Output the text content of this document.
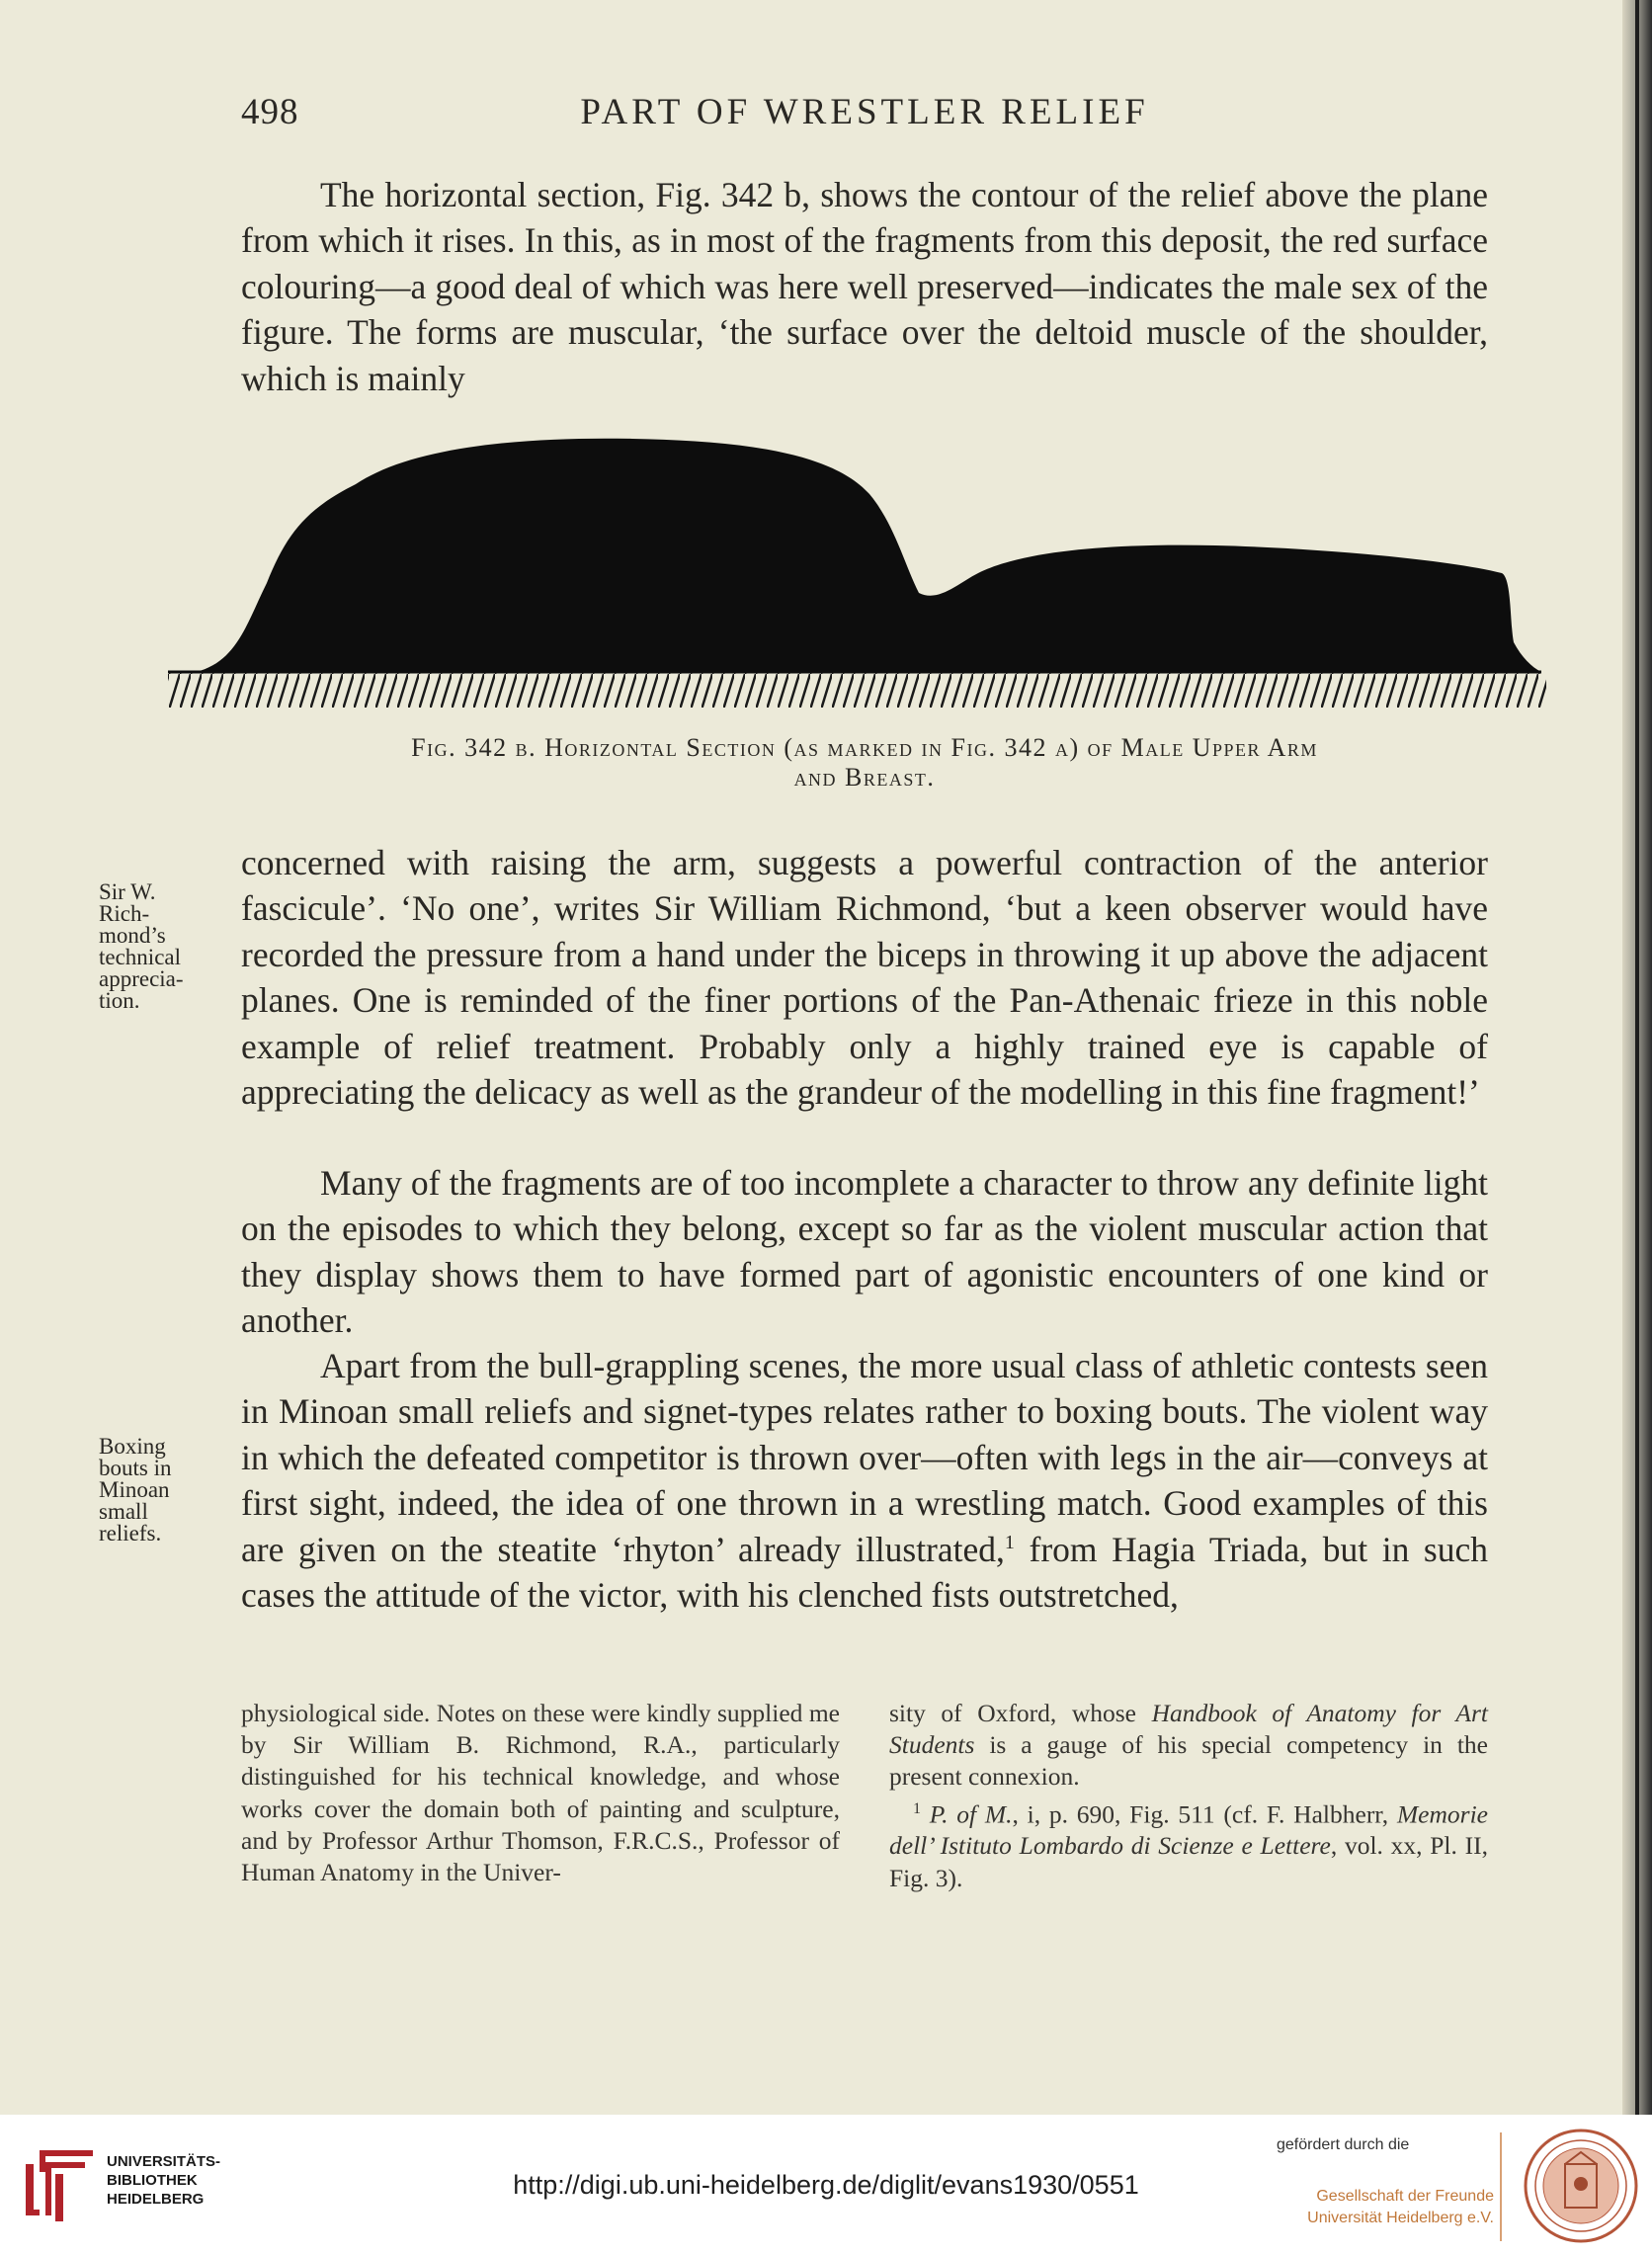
498	PART OF WRESTLER RELIEF

The horizontal section, Fig. 342 b, shows the contour of the relief above the plane from which it rises. In this, as in most of the fragments from this deposit, the red surface colouring—a good deal of which was here well preserved—indicates the male sex of the figure. The forms are muscular, ‘the surface over the deltoid muscle of the shoulder, which is mainly

Fig. 342 b. Horizontal Section (as marked in Fig. 342 a) of Male Upper Arm
and Breast.
Sir W.
Rich-
mond’s
technical
apprecia-
tion.
Boxing
bouts in
Minoan
small
reliefs.

concerned with raising the arm, suggests a powerful contraction of the anterior fascicule’. ‘No one’, writes Sir William Richmond, ‘but a keen observer would have recorded the pressure from a hand under the biceps in throwing it up above the adjacent planes. One is reminded of the finer portions of the Pan-Athenaic frieze in this noble example of relief treatment. Probably only a highly trained eye is capable of appreciating the delicacy as well as the grandeur of the modelling in this fine fragment!’

Many of the fragments are of too incomplete a character to throw any definite light on the episodes to which they belong, except so far as the violent muscular action that they display shows them to have formed part of agonistic encounters of one kind or another.

Apart from the bull-grappling scenes, the more usual class of athletic contests seen in Minoan small reliefs and signet-types relates rather to boxing bouts. The violent way in which the defeated competitor is thrown over—often with legs in the air—conveys at first sight, indeed, the idea of one thrown in a wrestling match. Good examples of this are given on the steatite ‘rhyton’ already illustrated,$^1$ from Hagia Triada, but in such cases the attitude of the victor, with his clenched fists outstretched,

physiological side. Notes on these were kindly supplied me by Sir William B. Richmond, R.A., particularly distinguished for his technical knowledge, and whose works cover the domain both of painting and sculpture, and by Professor Arthur Thomson, F.R.C.S., Professor of Human Anatomy in the Univer-

sity of Oxford, whose Handbook of Anatomy for Art Students is a gauge of his special competency in the present connexion.

$^1$ P. of M., i, p. 690, Fig. 511 (cf. F. Halbherr, Memorie dell’ Istituto Lombardo di Scienze e Lettere, vol. xx, Pl. II, Fig. 3).

UNIVERSITÄTS-
BIBLIOTHEK
HEIDELBERG	http://digi.ub.uni-heidelberg.de/diglit/evans1930/0551
gefördert durch die
Gesellschaft der Freunde
Universität Heidelberg e.V.
